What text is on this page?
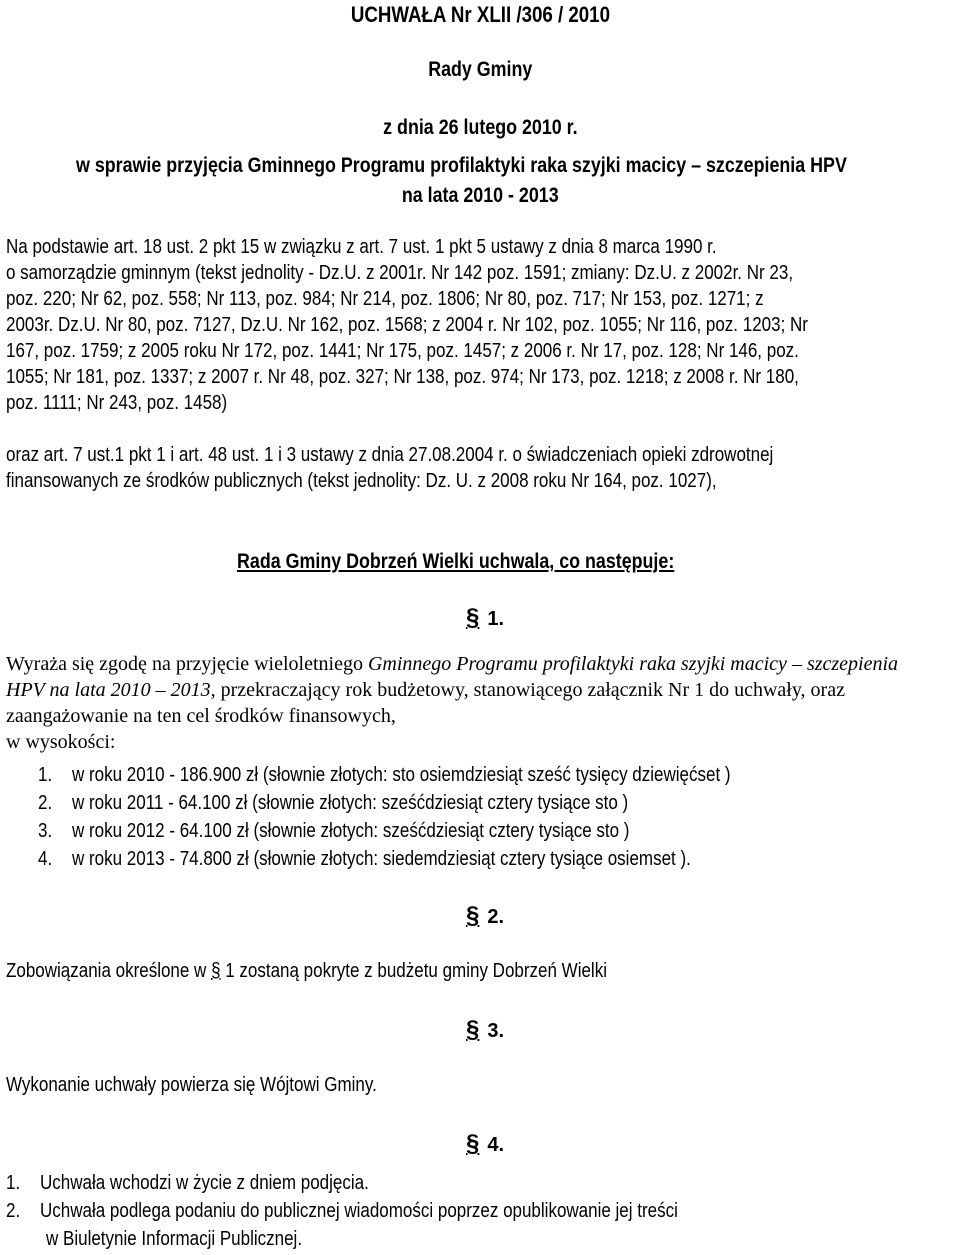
UCHWAŁA Nr XLII /306 / 2010
Rady Gminy
z dnia 26 lutego 2010 r.
w sprawie przyjęcia Gminnego Programu profilaktyki raka szyjki macicy – szczepienia HPV
na lata 2010 - 2013
Na podstawie art. 18 ust. 2 pkt 15 w związku z art. 7 ust. 1 pkt 5 ustawy z dnia 8 marca 1990 r.
o samorządzie gminnym (tekst jednolity - Dz.U. z 2001r. Nr 142 poz. 1591; zmiany: Dz.U. z 2002r. Nr 23,
poz. 220; Nr 62, poz. 558; Nr 113, poz. 984; Nr 214, poz. 1806; Nr 80, poz. 717; Nr 153, poz. 1271; z
2003r. Dz.U. Nr 80, poz. 7127, Dz.U. Nr 162, poz. 1568; z 2004 r. Nr 102, poz. 1055; Nr 116, poz. 1203; Nr
167, poz. 1759; z 2005 roku Nr 172, poz. 1441; Nr 175, poz. 1457; z 2006 r. Nr 17, poz. 128; Nr 146, poz.
1055; Nr 181, poz. 1337; z 2007 r. Nr 48, poz. 327; Nr 138, poz. 974; Nr 173, poz. 1218; z 2008 r. Nr 180,
poz. 1111; Nr 243, poz. 1458)
oraz art. 7 ust.1 pkt 1 i art. 48 ust. 1 i 3 ustawy z dnia 27.08.2004 r. o świadczeniach opieki zdrowotnej
finansowanych ze środków publicznych (tekst jednolity: Dz. U. z 2008 roku Nr 164, poz. 1027),
Rada Gminy Dobrzeń Wielki uchwala, co następuje:
§ 1.
Wyraża się zgodę na przyjęcie wieloletniego Gminnego Programu profilaktyki raka szyjki macicy – szczepienia HPV na lata 2010 – 2013, przekraczający rok budżetowy, stanowiącego załącznik Nr 1 do uchwały, oraz zaangażowanie na ten cel środków finansowych,
w wysokości:
1. w roku 2010 - 186.900 zł (słownie złotych: sto osiemdziesiąt sześć tysięcy dziewięćset )
2. w roku 2011 - 64.100 zł (słownie złotych: sześćdziesiąt cztery tysiące sto )
3. w roku 2012 - 64.100 zł (słownie złotych: sześćdziesiąt cztery tysiące sto )
4. w roku 2013 - 74.800 zł (słownie złotych: siedemdziesiąt cztery tysiące osiemset ).
§ 2.
Zobowiązania określone w § 1 zostaną pokryte z budżetu gminy Dobrzeń Wielki
§ 3.
Wykonanie uchwały powierza się Wójtowi Gminy.
§ 4.
1. Uchwała wchodzi w życie z dniem podjęcia.
2. Uchwała podlega podaniu do publicznej wiadomości poprzez opublikowanie jej treści
w Biuletynie Informacji Publicznej.
